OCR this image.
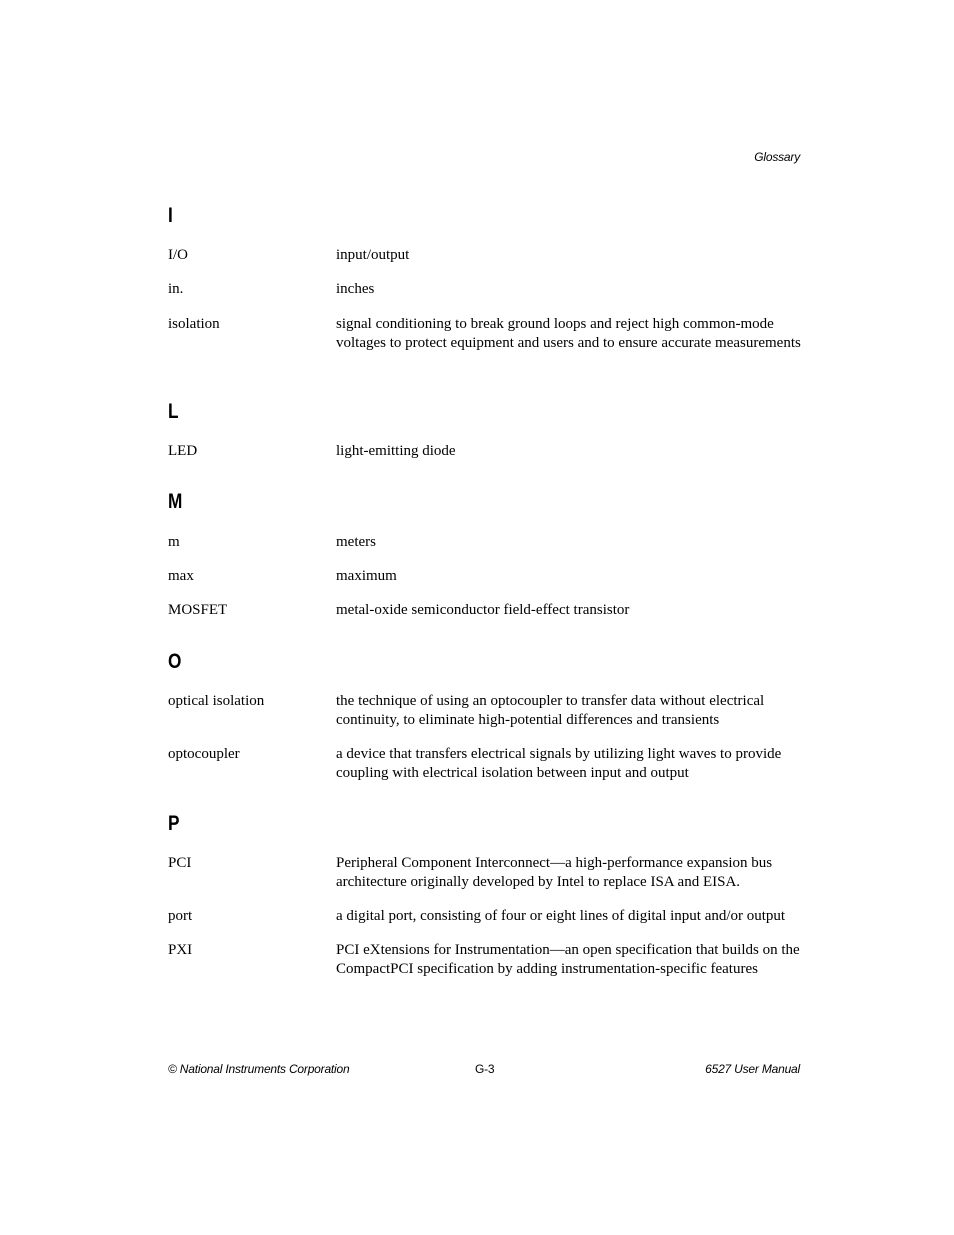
Glossary
I
I/O	input/output
in.	inches
isolation	signal conditioning to break ground loops and reject high common-mode voltages to protect equipment and users and to ensure accurate measurements
L
LED	light-emitting diode
M
m	meters
max	maximum
MOSFET	metal-oxide semiconductor field-effect transistor
O
optical isolation	the technique of using an optocoupler to transfer data without electrical continuity, to eliminate high-potential differences and transients
optocoupler	a device that transfers electrical signals by utilizing light waves to provide coupling with electrical isolation between input and output
P
PCI	Peripheral Component Interconnect—a high-performance expansion bus architecture originally developed by Intel to replace ISA and EISA.
port	a digital port, consisting of four or eight lines of digital input and/or output
PXI	PCI eXtensions for Instrumentation—an open specification that builds on the CompactPCI specification by adding instrumentation-specific features
© National Instruments Corporation	G-3	6527 User Manual
